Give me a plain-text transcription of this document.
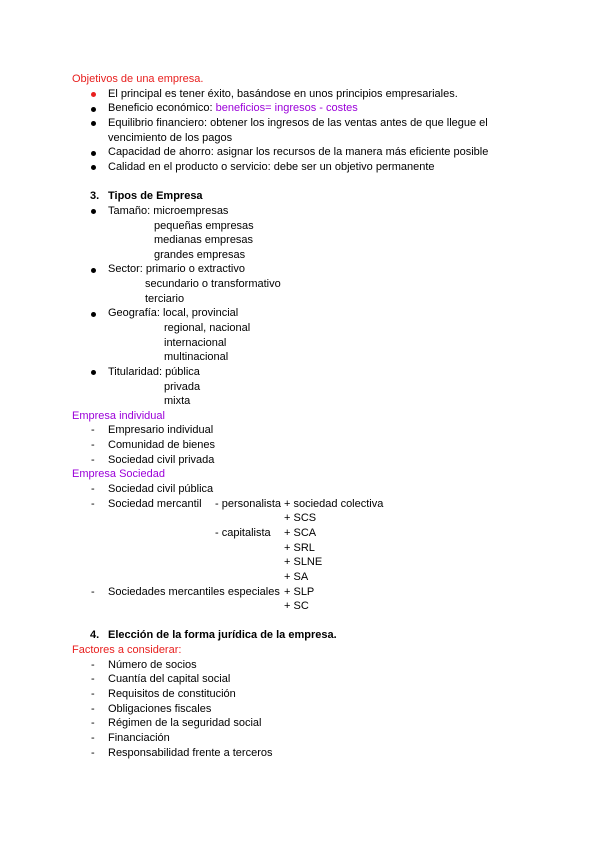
Objetivos de una empresa.
El principal es tener éxito, basándose en unos principios empresariales.
Beneficio económico: beneficios= ingresos - costes
Equilibrio financiero: obtener los ingresos de las ventas antes de que llegue el
vencimiento de los pagos
Capacidad de ahorro: asignar los recursos de la manera más eficiente posible
Calidad en el producto o servicio: debe ser un objetivo permanente
3. Tipos de Empresa
Tamaño: microempresas
pequeñas empresas
medianas empresas
grandes empresas
Sector: primario o extractivo
secundario o transformativo
terciario
Geografía: local, provincial
regional, nacional
internacional
multinacional
Titularidad: pública
privada
mixta
Empresa individual
- Empresario individual
- Comunidad de bienes
- Sociedad civil privada
Empresa Sociedad
- Sociedad civil pública
- Sociedad mercantil - personalista + sociedad colectiva
+ SCS
- capitalista + SCA
+ SRL
+ SLNE
+ SA
- Sociedades mercantiles especiales + SLP
+ SC
4. Elección de la forma jurídica de la empresa.
Factores a considerar:
- Número de socios
- Cuantía del capital social
- Requisitos de constitución
- Obligaciones fiscales
- Régimen de la seguridad social
- Financiación
- Responsabilidad frente a terceros
